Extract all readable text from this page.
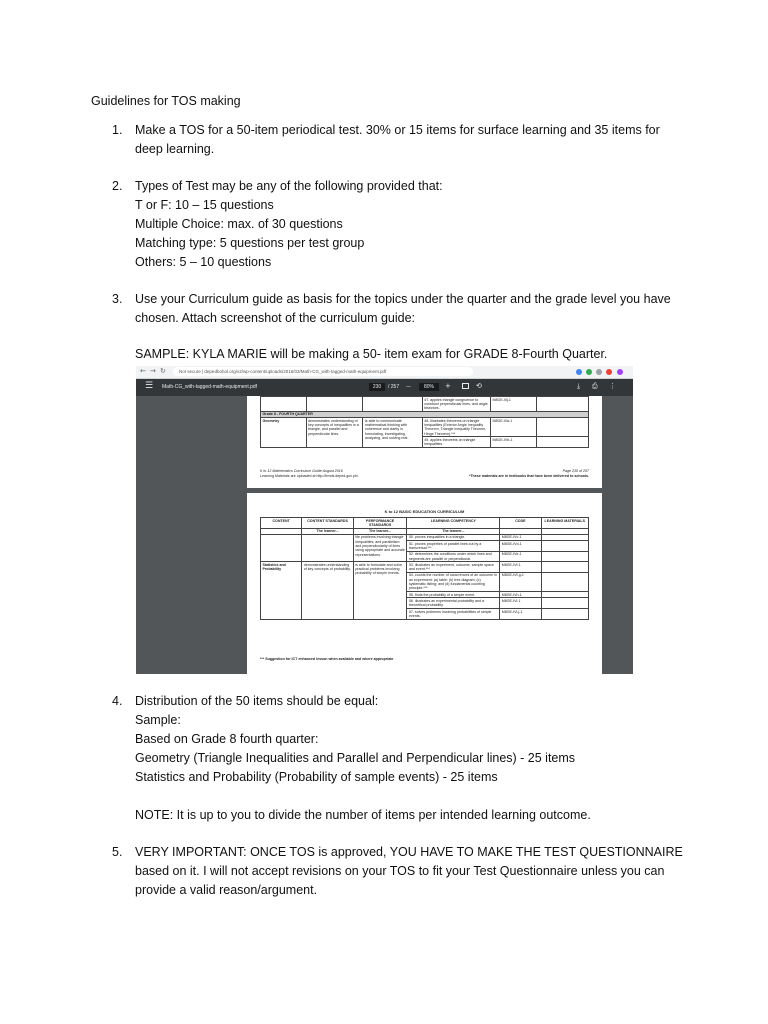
Guidelines for TOS making
1.	Make a TOS for a 50-item periodical test. 30% or 15 items for surface learning and 35 items for
deep learning.
2.	Types of Test may be any of the following provided that:
T or F: 10 – 15 questions
Multiple Choice: max. of 30 questions
Matching type: 5 questions per test group
Others: 5 – 10 questions
3.	Use your Curriculum guide as basis for the topics under the quarter and the grade level you have
chosen. Attach screenshot of the curriculum guide:
SAMPLE: KYLA MARIE will be making a 50- item exam for GRADE 8-Fourth Quarter.
← → ↻	Not secure | depedbohol.org/v2/wp-content/uploads/2016/03/Math-CG_with-tagged-math-equipment.pdf
☰ Math-CG_with-tagged-math-equipment.pdf	230	/ 257 —	80%	+	⟲	⤓ ⎙ ⋮
			47. applies triangle congruence to construct perpendicular lines. and angle bisectors.	M8GE-IIIj-1	
Grade 8 - FOURTH QUARTER					
Geometry	demonstrates understanding of key concepts of inequalities in a triangle, and parallel and perpendicular lines.	is able to communicate mathematical thinking with coherence and clarity in formulating, investigating, analyzing, and solving real-	48. Illustrates theorems on triangle inequalities (Exterior Angle Inequality Theorem, Triangle Inequality Theorem, Hinge Theorem).***	M8GE-IVa-1	
			49. applies theorems on triangle inequalities.	M8GE-IVb-1	
K to 12 Mathematics Curriculum Guide August 2016
Learning Materials are uploaded at http://lrmds.deped.gov.ph/.
Page 230 of 257
*These materials are in textbooks that have been delivered to schools.
K to 12 BASIC EDUCATION CURRICULUM
CONTENT	CONTENT STANDARDS	PERFORMANCE STANDARDS	LEARNING COMPETENCY	CODE	LEARNING MATERIALS
	The learner...	The learner...	The learner...		
		life problems involving triangle inequalities, and parallelism and perpendicularity of lines using appropriate and accurate representations.	50. proves inequalities in a triangle.	M8GE-IVc-1	
			51. proves properties of parallel lines cut by a transversal.***	M8GE-IVd-1	
			52. determines the conditions under which lines and segments are parallel or perpendicular.	M8GE-IVe-1	
Statistics and Probability	demonstrates understanding of key concepts of probability.	is able to formulate and solve practical problems involving probability of simple events.	53. illustrates an experiment, outcome, sample space and event.***	M8GE-IVf-1	
			54. counts the number of occurrences of an outcome in an experiment: (a) table; (b) tree diagram; (c) systematic listing; and (d) fundamental counting principle.***	M8GE-IVf-g-1	
			55. finds the probability of a simple event.	M8GE-IVh-1	
			56. illustrates an experimental probability and a theoretical probability.	M8GE-IVi-1	
			57. solves problems involving probabilities of simple events.	M8GE-IVi-j-1	
*** Suggestion for ICT enhanced lesson when available and where appropriate
4.	Distribution of the 50 items should be equal:
Sample:
Based on Grade 8 fourth quarter:
Geometry (Triangle Inequalities and Parallel and Perpendicular lines) - 25 items
Statistics and Probability (Probability of sample events) - 25 items
NOTE: It is up to you to divide the number of items per intended learning outcome.
5.	VERY IMPORTANT: ONCE TOS is approved, YOU HAVE TO MAKE THE TEST QUESTIONNAIRE
based on it. I will not accept revisions on your TOS to fit your Test Questionnaire unless you can
provide a valid reason/argument.
